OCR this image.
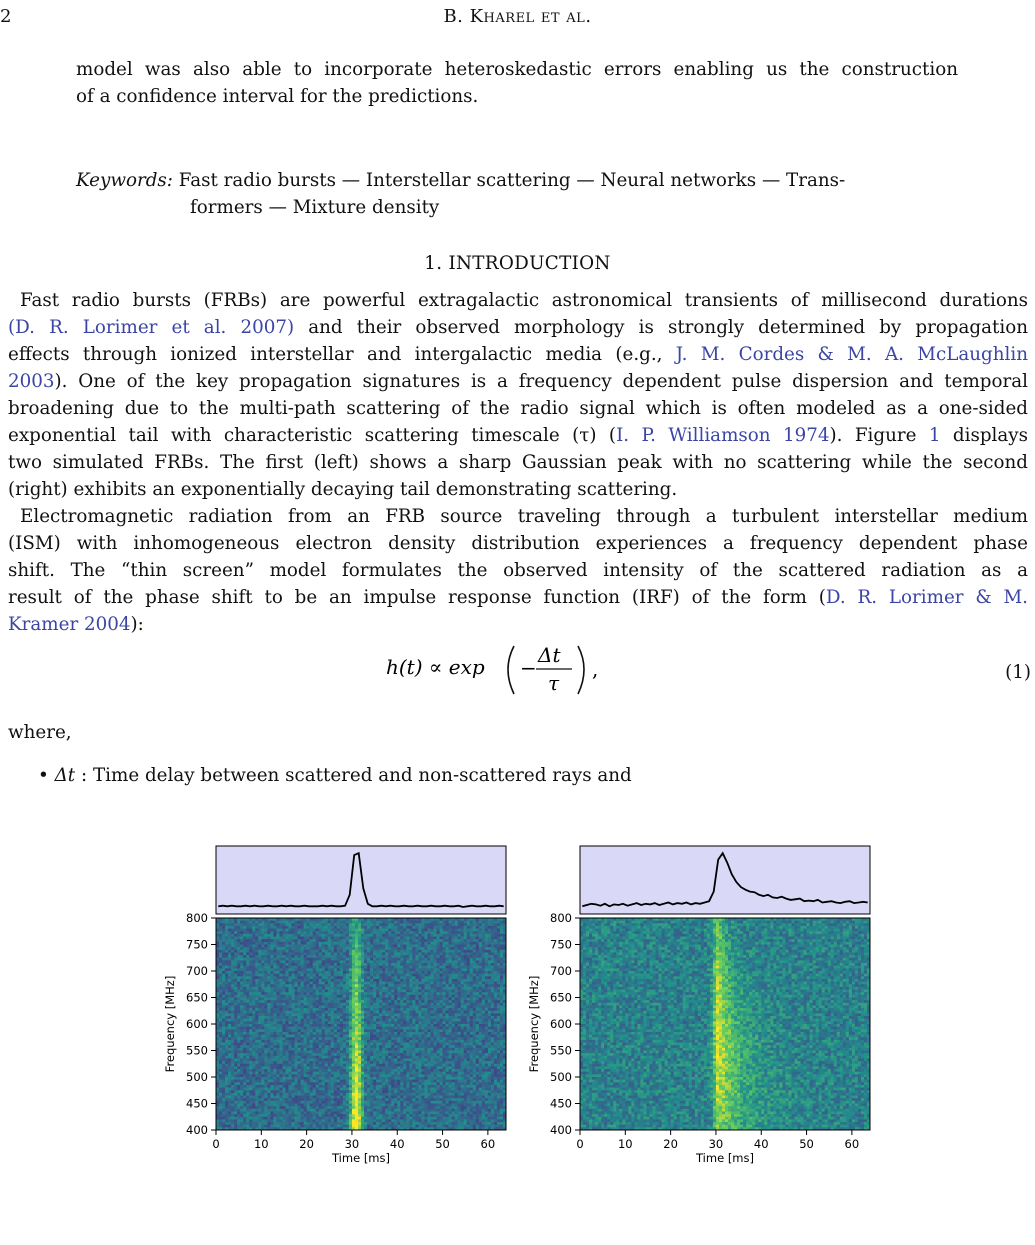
2	B. Kharel et al.
model was also able to incorporate heteroskedastic errors enabling us the construction
of a confidence interval for the predictions.
Keywords: Fast radio bursts — Interstellar scattering — Neural networks — Trans-
formers — Mixture density
1. INTRODUCTION
Fast radio bursts (FRBs) are powerful extragalactic astronomical transients of millisecond durations
(D. R. Lorimer et al. 2007) and their observed morphology is strongly determined by propagation
effects through ionized interstellar and intergalactic media (e.g., J. M. Cordes & M. A. McLaughlin
2003). One of the key propagation signatures is a frequency dependent pulse dispersion and temporal
broadening due to the multi-path scattering of the radio signal which is often modeled as a one-sided
exponential tail with characteristic scattering timescale (τ) (I. P. Williamson 1974). Figure 1 displays
two simulated FRBs. The first (left) shows a sharp Gaussian peak with no scattering while the second
(right) exhibits an exponentially decaying tail demonstrating scattering.
Electromagnetic radiation from an FRB source traveling through a turbulent interstellar medium
(ISM) with inhomogeneous electron density distribution experiences a frequency dependent phase
shift. The “thin screen” model formulates the observed intensity of the scattered radiation as a
result of the phase shift to be an impulse response function (IRF) of the form (D. R. Lorimer & M.
Kramer 2004):
h(t) ∝ exp −
Δt
τ
,	(1)
where,
• Δt : Time delay between scattered and non-scattered rays and
0	10	20	30	40	50	60
400
450
500
550
600
650
700
750
800
Time [ms]
Frequency [MHz]
0	10	20	30	40	50	60
400
450
500
550
600
650
700
750
800
Time [ms]
Frequency [MHz]
